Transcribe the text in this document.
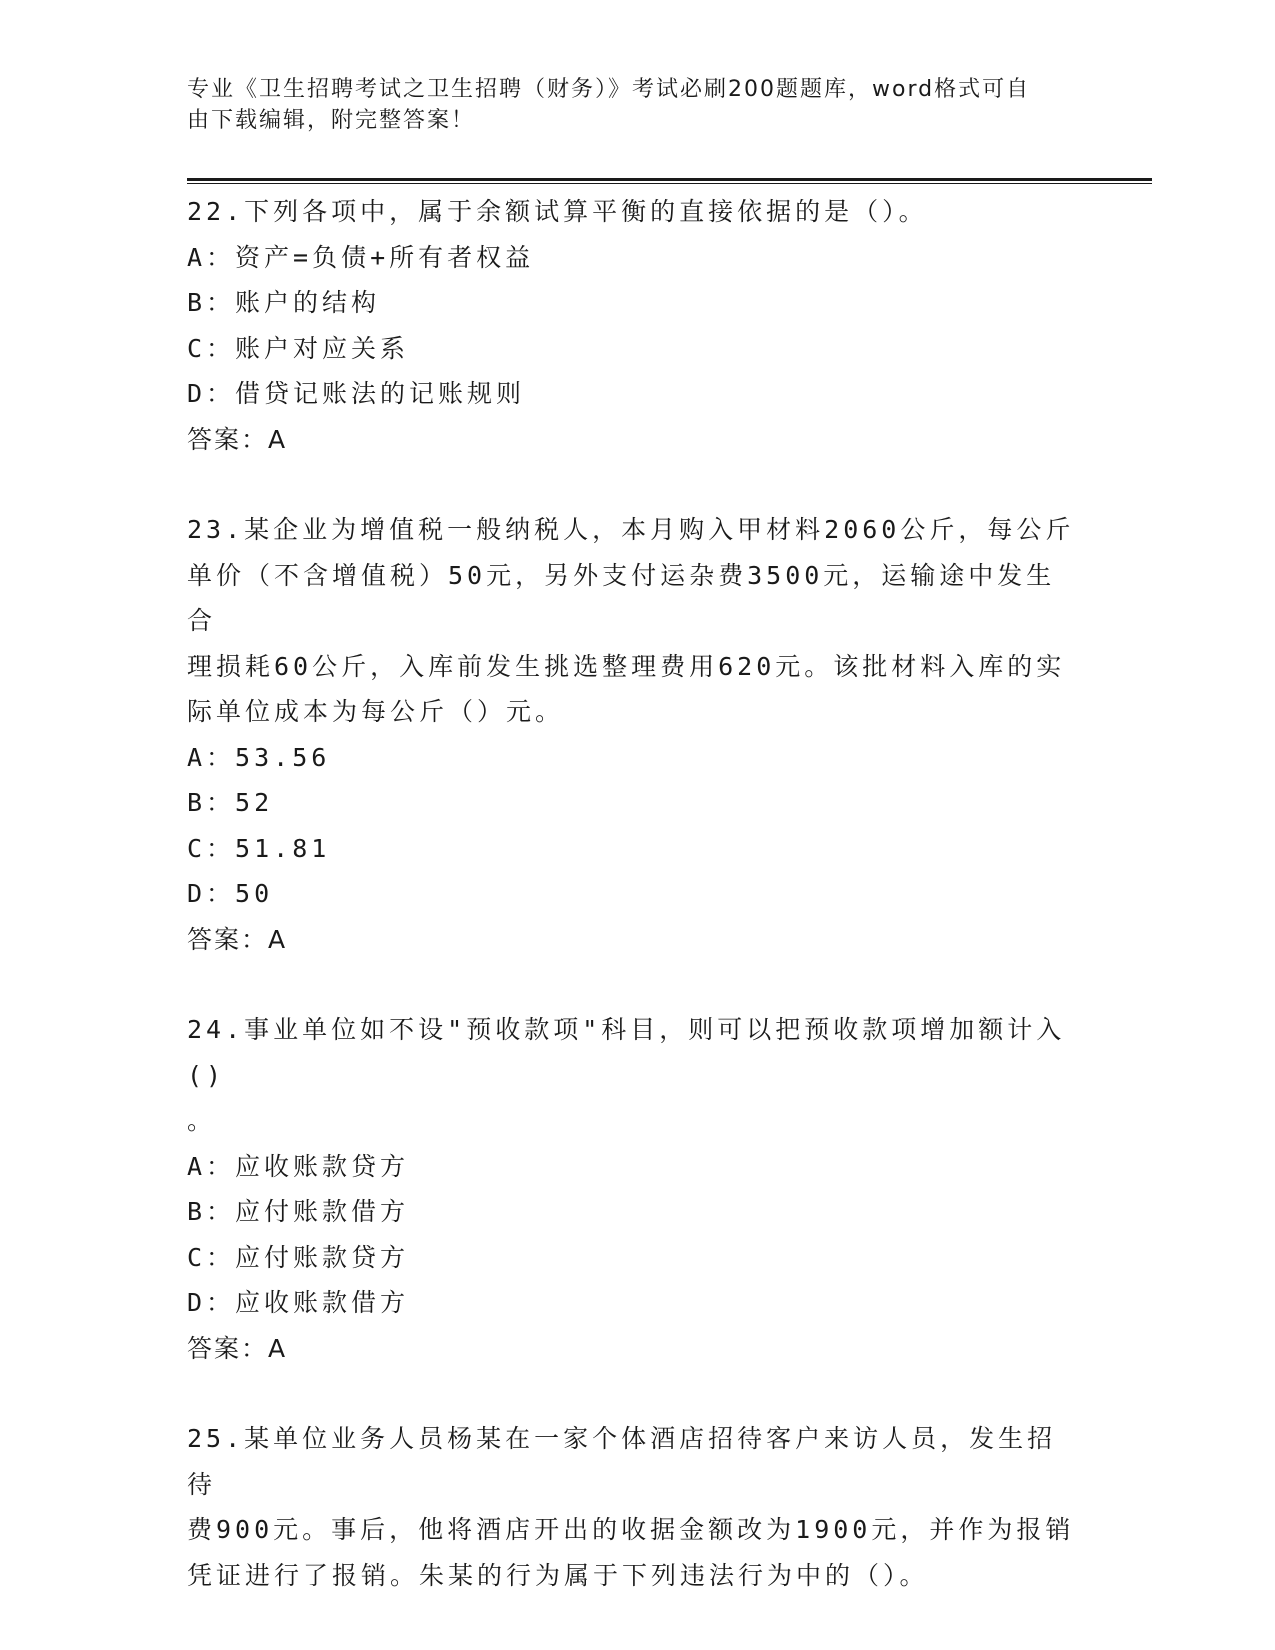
专业《卫生招聘考试之卫生招聘（财务）》考试必刷200题题库，word格式可自
由下载编辑，附完整答案！
22.下列各项中，属于余额试算平衡的直接依据的是（）。
A：资产=负债+所有者权益
B：账户的结构
C：账户对应关系
D：借贷记账法的记账规则
答案：A
23.某企业为增值税一般纳税人，本月购入甲材料2060公斤，每公斤
单价（不含增值税）50元，另外支付运杂费3500元，运输途中发生合
理损耗60公斤，入库前发生挑选整理费用620元。该批材料入库的实
际单位成本为每公斤（）元。
A：53.56
B：52
C：51.81
D：50
答案：A
24.事业单位如不设"预收款项"科目，则可以把预收款项增加额计入()
。
A：应收账款贷方
B：应付账款借方
C：应付账款贷方
D：应收账款借方
答案：A
25.某单位业务人员杨某在一家个体酒店招待客户来访人员，发生招待
费900元。事后，他将酒店开出的收据金额改为1900元，并作为报销
凭证进行了报销。朱某的行为属于下列违法行为中的（）。
